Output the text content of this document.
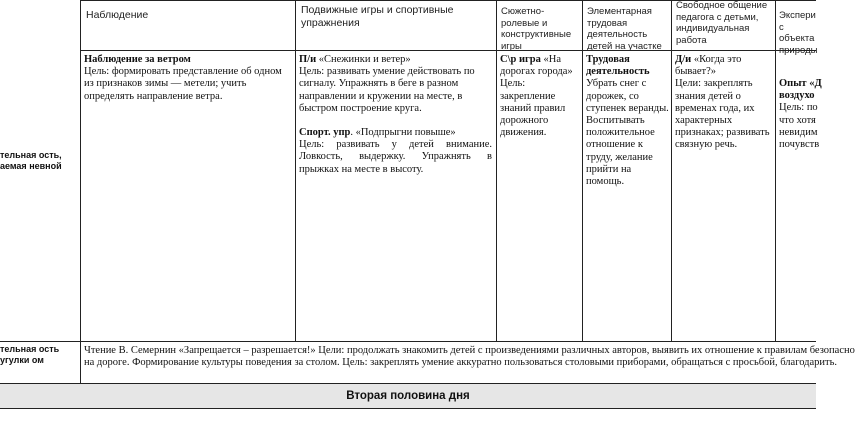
Наблюдение	Подвижные игры и спортивные упражнения
Сюжетно-ролевые и конструктивные игры
Элементарная трудовая деятельность детей на участке
Свободное общение педагога с детьми, индивидуальная работа
Экспери с объекта природы
тельная ость, аемая невной
тельная ость угулки ом
Наблюдение за ветром
Цель: формировать представление об одном из признаков зимы — метели; учить определять направление ветра.
П/и «Снежинки и ветер»
Цель: развивать умение действовать по сигналу. Упражнять в беге в разном направлении и кружении на месте, в быстром построение круга.
Спорт. упр. «Подпрыгни повыше»
Цель: развивать у детей внимание. Ловкость, выдержку. Упражнять в прыжках на месте в высоту.
С\р игра «На дорогах города»
Цель: закрепление знаний правил дорожного движения.
Трудовая деятельность
Убрать снег с дорожек, со ступенек веранды. Воспитывать положительное отношение к труду, желание прийти на помощь.
Д/и «Когда это бывает?»
Цели: закреплять знания детей о временах года, их характерных признаках; развивать связную речь.
Опыт «Д
воздухо
Цель: по
что хотя
невидим
почувств
Чтение В. Семернин «Запрещается – разрешается!» Цели: продолжать знакомить детей с произведениями различных авторов, выявить их отношение к правилам безопасно
на дороге. Формирование культуры поведения за столом. Цель: закреплять умение аккуратно пользоваться столовыми приборами, обращаться с просьбой, благодарить.
Вторая половина дня
